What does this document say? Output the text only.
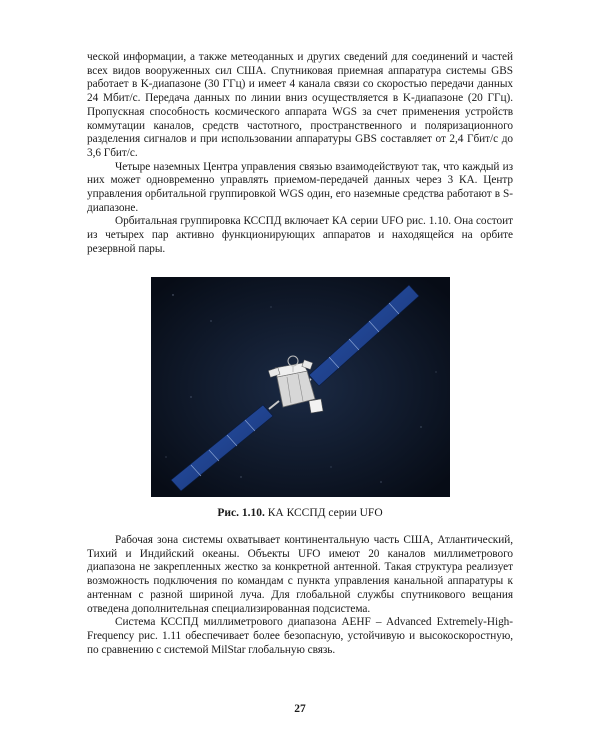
ческой информации, а также метеоданных и других сведений для соединений и частей всех видов вооруженных сил США. Спутниковая приемная аппаратура системы GBS работает в K-диапазоне (30 ГГц) и имеет 4 канала связи со скоростью передачи данных 24 Мбит/с. Передача данных по линии вниз осуществляется в K-диапазоне (20 ГГц). Пропускная способность космического аппарата WGS за счет применения устройств коммутации каналов, средств частотного, пространственного и поляризационного разделения сигналов и при использовании аппаратуры GBS составляет от 2,4 Гбит/с до 3,6 Гбит/с.

Четыре наземных Центра управления связью взаимодействуют так, что каждый из них может одновременно управлять приемом-передачей данных через 3 КА. Центр управления орбитальной группировкой WGS один, его наземные средства работают в S-диапазоне.

Орбитальная группировка КССПД включает КА серии UFO рис. 1.10. Она состоит из четырех пар активно функционирующих аппаратов и находящейся на орбите резервной пары.

Рис. 1.10. КА КССПД серии UFO

Рабочая зона системы охватывает континентальную часть США, Атлантический, Тихий и Индийский океаны. Объекты UFO имеют 20 каналов миллиметрового диапазона не закрепленных жестко за конкретной антенной. Такая структура реализует возможность подключения по командам с пункта управления канальной аппаратуры к антеннам с разной шириной луча. Для глобальной службы спутникового вещания отведена дополнительная специализированная подсистема.

Система КССПД миллиметрового диапазона AEHF – Advanced Extremely-High-Frequency рис. 1.11 обеспечивает более безопасную, устойчивую и высокоскоростную, по сравнению с системой MilStar глобальную связь.

27
